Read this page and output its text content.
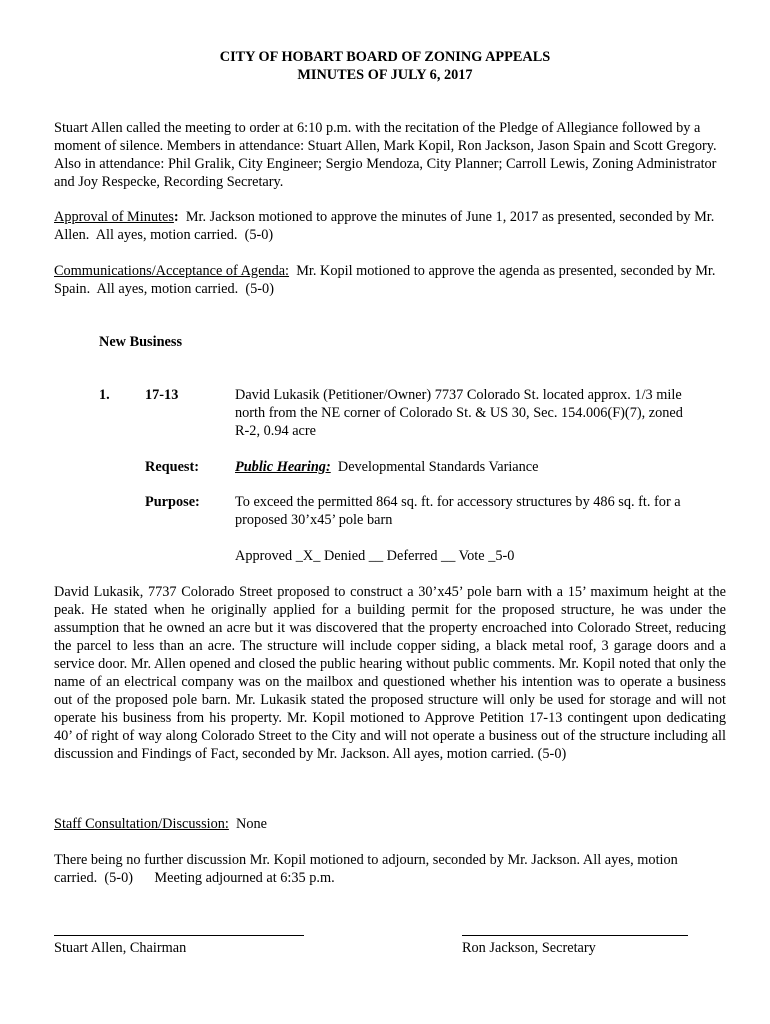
CITY OF HOBART BOARD OF ZONING APPEALS
MINUTES OF JULY 6, 2017
Stuart Allen called the meeting to order at 6:10 p.m. with the recitation of the Pledge of Allegiance followed by a moment of silence. Members in attendance: Stuart Allen, Mark Kopil, Ron Jackson, Jason Spain and Scott Gregory. Also in attendance: Phil Gralik, City Engineer; Sergio Mendoza, City Planner; Carroll Lewis, Zoning Administrator and Joy Respecke, Recording Secretary.
Approval of Minutes:  Mr. Jackson motioned to approve the minutes of June 1, 2017 as presented, seconded by Mr. Allen.  All ayes, motion carried.  (5-0)
Communications/Acceptance of Agenda:  Mr. Kopil motioned to approve the agenda as presented, seconded by Mr. Spain.  All ayes, motion carried.  (5-0)
New Business
1. 17-13	David Lukasik (Petitioner/Owner) 7737 Colorado St. located approx. 1/3 mile
north from the NE corner of Colorado St. & US 30, Sec. 154.006(F)(7), zoned
R-2, 0.94 acre
Request:	Public Hearing:  Developmental Standards Variance
Purpose: To exceed the permitted 864 sq. ft. for accessory structures by 486 sq. ft. for a
proposed 30’x45’ pole barn
Approved _X_ Denied __ Deferred __ Vote _5-0
David Lukasik, 7737 Colorado Street proposed to construct a 30’x45’ pole barn with a 15’ maximum height at the peak. He stated when he originally applied for a building permit for the proposed structure, he was under the assumption that he owned an acre but it was discovered that the property encroached into Colorado Street, reducing the parcel to less than an acre. The structure will include copper siding, a black metal roof, 3 garage doors and a service door. Mr. Allen opened and closed the public hearing without public comments. Mr. Kopil noted that only the name of an electrical company was on the mailbox and questioned whether his intention was to operate a business out of the proposed pole barn. Mr. Lukasik stated the proposed structure will only be used for storage and will not operate his business from his property. Mr. Kopil motioned to Approve Petition 17-13 contingent upon dedicating 40’ of right of way along Colorado Street to the City and will not operate a business out of the structure including all discussion and Findings of Fact, seconded by Mr. Jackson. All ayes, motion carried. (5-0)
Staff Consultation/Discussion:  None
There being no further discussion Mr. Kopil motioned to adjourn, seconded by Mr. Jackson. All ayes, motion
carried.  (5-0)      Meeting adjourned at 6:35 p.m.
Stuart Allen, Chairman	Ron Jackson, Secretary
